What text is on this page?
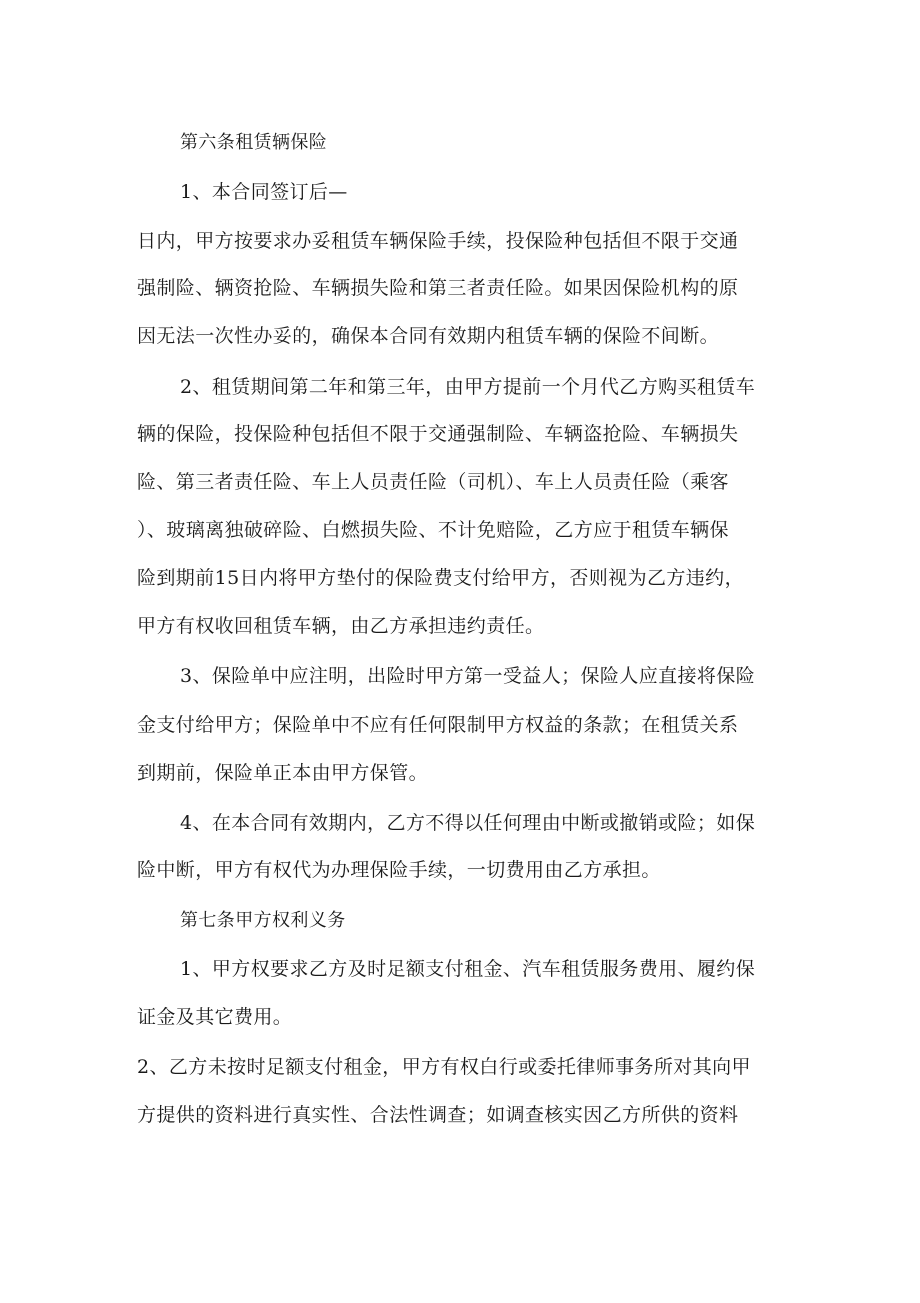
第六条租赁辆保险
1、本合同签订后—
日内，甲方按要求办妥租赁车辆保险手续，投保险种包括但不限于交通
强制险、辆资抢险、车辆损失险和第三者责任险。如果因保险机构的原
因无法一次性办妥的，确保本合同有效期内租赁车辆的保险不间断。
2、租赁期间第二年和第三年，由甲方提前一个月代乙方购买租赁车
辆的保险，投保险种包括但不限于交通强制险、车辆盗抢险、车辆损失
险、第三者责任险、车上人员责任险（司机）、车上人员责任险（乘客
）、玻璃离独破碎险、白燃损失险、不计免赔险，乙方应于租赁车辆保
险到期前15日内将甲方垫付的保险费支付给甲方，否则视为乙方违约，
甲方有权收回租赁车辆，由乙方承担违约责任。
3、保险单中应注明，出险时甲方第一受益人；保险人应直接将保险
金支付给甲方；保险单中不应有任何限制甲方权益的条款；在租赁关系
到期前，保险单正本由甲方保管。
4、在本合同有效期内，乙方不得以任何理由中断或撤销或险；如保
险中断，甲方有权代为办理保险手续，一切费用由乙方承担。
第七条甲方权利义务
1、甲方权要求乙方及时足额支付租金、汽车租赁服务费用、履约保
证金及其它费用。
2、乙方未按时足额支付租金，甲方有权白行或委托律师事务所对其向甲
方提供的资料进行真实性、合法性调查；如调查核实因乙方所供的资料
